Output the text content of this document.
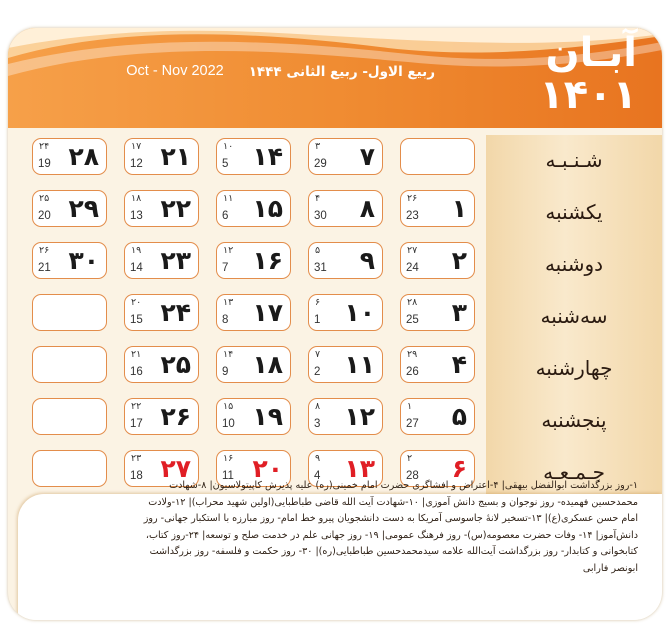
آبـان ۱۴۰۱
ربیع الاول- ربیع الثانی ۱۴۴۴
Oct - Nov 2022
شـنـبـه
یکشنبه
دوشنبه
سه‌شنبه
چهارشنبه
پنجشنبه
جـمـعـه
۱
۲۶
23
۲
۲۷
24
۳
۲۸
25
۴
۲۹
26
۵
۱
27
۶
۲
28
۷
۳
29
۸
۴
30
۹
۵
31
۱۰
۶
1
۱۱
۷
2
۱۲
۸
3
۱۳
۹
4
۱۴
۱۰
5
۱۵
۱۱
6
۱۶
۱۲
7
۱۷
۱۳
8
۱۸
۱۴
9
۱۹
۱۵
10
۲۰
۱۶
11
۲۱
۱۷
12
۲۲
۱۸
13
۲۳
۱۹
14
۲۴
۲۰
15
۲۵
۲۱
16
۲۶
۲۲
17
۲۷
۲۳
18
۲۸
۲۴
19
۲۹
۲۵
20
۳۰
۲۶
21
۱-روز بزرگداشت ابوالفضل بیهقی| ۴-اعتراض و افشاگری حضرت امام خمینی(ره) علیه پذیرش کاپیتولاسیون| ۸-شهادت
محمدحسین فهمیده- روز نوجوان و بسیج دانش آموزی| ۱۰-شهادت آیت الله قاضی طباطبایی(اولین شهید محراب)| ۱۲-ولادت
امام حسن عسکری(ع)| ۱۳-تسخیر لانهٔ جاسوسی آمریکا به دست دانشجویان پیرو خط امام- روز مبارزه با استکبار جهانی- روز
دانش‌آموز| ۱۴- وفات حضرت معصومه(س)- روز فرهنگ عمومی| ۱۹- روز جهانی علم در خدمت صلح و توسعه| ۲۴-روز کتاب،
کتابخوانی و کتابدار- روز بزرگداشت آیت‌الله علامه سیدمحمدحسین طباطبایی(ره)| ۳۰- روز حکمت و فلسفه- روز بزرگداشت
ابونصر فارابی
